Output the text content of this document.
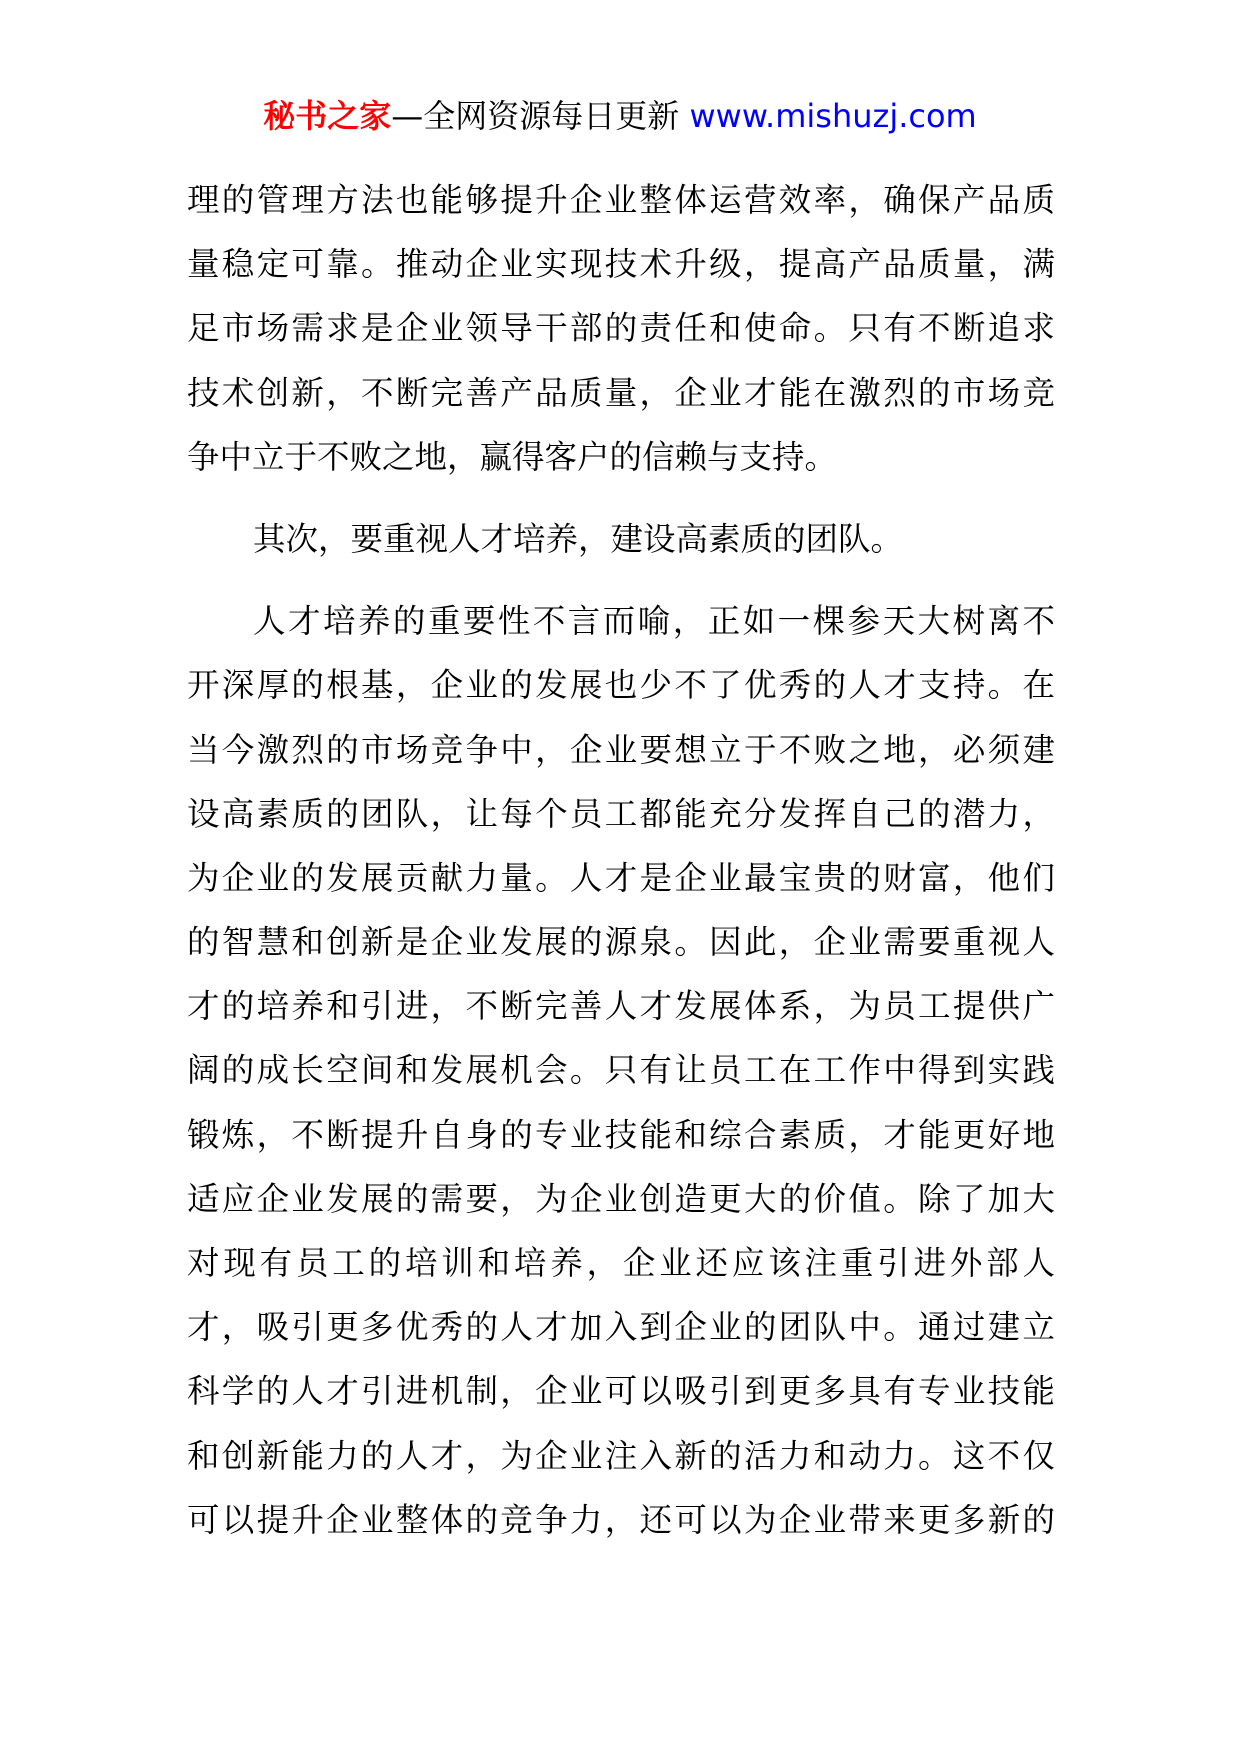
秘书之家—全网资源每日更新 www.mishuzj.com
理的管理方法也能够提升企业整体运营效率，确保产品质
量稳定可靠。推动企业实现技术升级，提高产品质量，满
足市场需求是企业领导干部的责任和使命。只有不断追求
技术创新，不断完善产品质量，企业才能在激烈的市场竞
争中立于不败之地，赢得客户的信赖与支持。
其次，要重视人才培养，建设高素质的团队。
人才培养的重要性不言而喻，正如一棵参天大树离不
开深厚的根基，企业的发展也少不了优秀的人才支持。在
当今激烈的市场竞争中，企业要想立于不败之地，必须建
设高素质的团队，让每个员工都能充分发挥自己的潜力，
为企业的发展贡献力量。人才是企业最宝贵的财富，他们
的智慧和创新是企业发展的源泉。因此，企业需要重视人
才的培养和引进，不断完善人才发展体系，为员工提供广
阔的成长空间和发展机会。只有让员工在工作中得到实践
锻炼，不断提升自身的专业技能和综合素质，才能更好地
适应企业发展的需要，为企业创造更大的价值。除了加大
对现有员工的培训和培养，企业还应该注重引进外部人
才，吸引更多优秀的人才加入到企业的团队中。通过建立
科学的人才引进机制，企业可以吸引到更多具有专业技能
和创新能力的人才，为企业注入新的活力和动力。这不仅
可以提升企业整体的竞争力，还可以为企业带来更多新的
